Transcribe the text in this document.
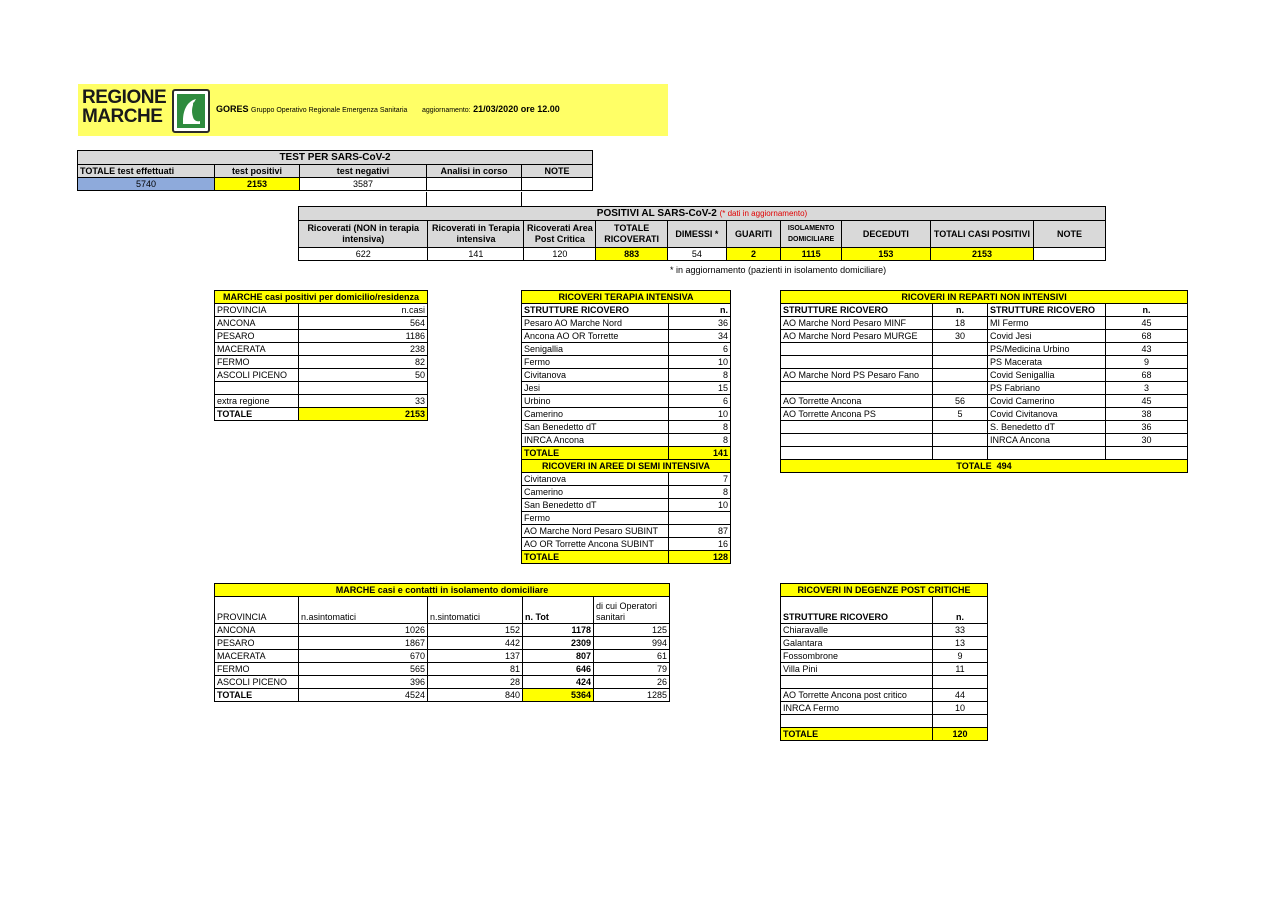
REGIONE
MARCHE	GORES Gruppo Operativo Regionale Emergenza Sanitaria aggiornamento: 21/03/2020 ore 12.00
TEST PER SARS-CoV-2				
TOTALE test effettuati	test positivi	test negativi	Analisi in corso	NOTE
5740	2153	3587		
POSITIVI AL SARS-CoV-2 (* dati in aggiornamento)									
Ricoverati (NON in terapia intensiva)	Ricoverati in Terapia intensiva	Ricoverati Area Post Critica	TOTALE RICOVERATI	DIMESSI *	GUARITI	ISOLAMENTO DOMICILIARE	DECEDUTI	TOTALI CASI POSITIVI	NOTE
622	141	120	883	54	2	1115	153	2153	
* in aggiornamento (pazienti in isolamento domiciliare)
MARCHE casi positivi per domicilio/residenza	
PROVINCIA	n.casi
ANCONA	564
PESARO	1186
MACERATA	238
FERMO	82
ASCOLI PICENO	50

extra regione	33
TOTALE	2153
RICOVERI TERAPIA INTENSIVA	
STRUTTURE RICOVERO	n.
Pesaro AO Marche Nord	36
Ancona AO OR Torrette	34
Senigallia	6
Fermo	10
Civitanova	8
Jesi	15
Urbino	6
Camerino	10
San Benedetto dT	8
INRCA Ancona	8
TOTALE	141
RICOVERI IN AREE DI SEMI INTENSIVA	
Civitanova	7
Camerino	8
San Benedetto dT	10
Fermo	
AO Marche Nord Pesaro SUBINT	87
AO OR Torrette Ancona SUBINT	16
TOTALE	128
RICOVERI IN REPARTI NON INTENSIVI			
STRUTTURE RICOVERO	n.	STRUTTURE RICOVERO	n.
AO Marche Nord Pesaro MINF	18	MI Fermo	45
AO Marche Nord Pesaro MURGE	30	Covid Jesi	68
		PS/Medicina Urbino	43
		PS Macerata	9
AO Marche Nord PS Pesaro Fano		Covid Senigallia	68
		PS Fabriano	3
AO Torrette Ancona	56	Covid Camerino	45
AO Torrette Ancona PS	5	Covid Civitanova	38
		S. Benedetto dT	36
		INRCA Ancona	30

TOTALE 494			
MARCHE casi e contatti in isolamento domiciliare				
PROVINCIA	n.asintomatici	n.sintomatici	n. Tot	di cui Operatori sanitari
ANCONA	1026	152	1178	125
PESARO	1867	442	2309	994
MACERATA	670	137	807	61
FERMO	565	81	646	79
ASCOLI PICENO	396	28	424	26
TOTALE	4524	840	5364	1285
RICOVERI IN DEGENZE POST CRITICHE	
STRUTTURE RICOVERO	n.
Chiaravalle	33
Galantara	13
Fossombrone	9
Villa Pini	11

AO Torrette Ancona post critico	44
INRCA Fermo	10

TOTALE	120
